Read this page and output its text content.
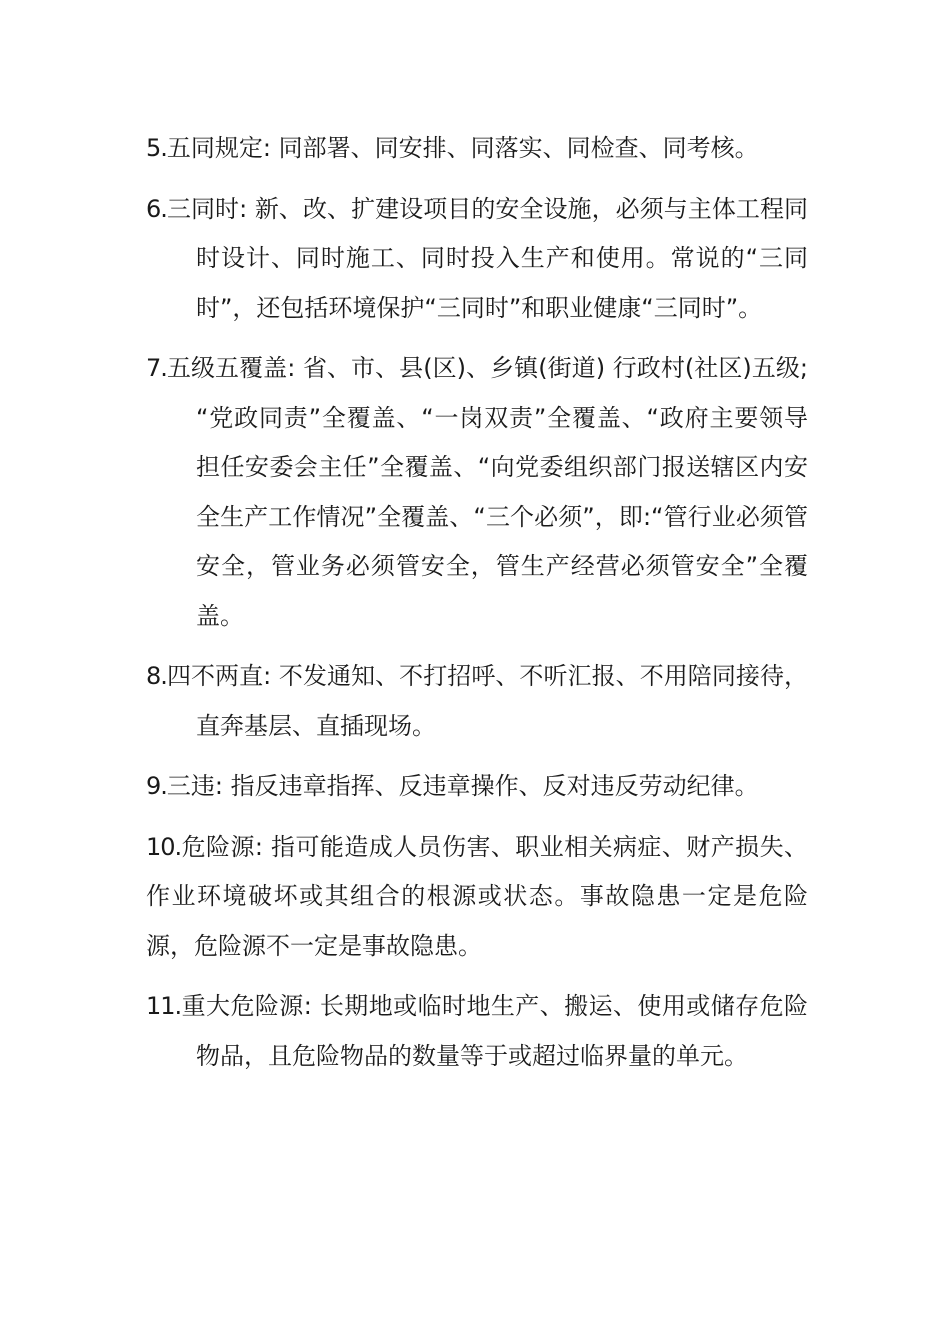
5.五同规定: 同部署、同安排、同落实、同检查、同考核。

6.三同时: 新、改、扩建设项目的安全设施，必须与主体工程同时设计、同时施工、同时投入生产和使用。常说的“三同时”，还包括环境保护“三同时”和职业健康“三同时”。

7.五级五覆盖: 省、市、县(区)、乡镇(街道) 行政村(社区)五级; “党政同责”全覆盖、“一岗双责”全覆盖、“政府主要领导担任安委会主任”全覆盖、“向党委组织部门报送辖区内安全生产工作情况”全覆盖、“三个必须”，即:“管行业必须管安全，管业务必须管安全，管生产经营必须管安全”全覆盖。

8.四不两直: 不发通知、不打招呼、不听汇报、不用陪同接待，直奔基层、直插现场。

9.三违: 指反违章指挥、反违章操作、反对违反劳动纪律。

10.危险源: 指可能造成人员伤害、职业相关病症、财产损失、作业环境破坏或其组合的根源或状态。事故隐患一定是危险源，危险源不一定是事故隐患。

11.重大危险源: 长期地或临时地生产、搬运、使用或储存危险物品，且危险物品的数量等于或超过临界量的单元。
